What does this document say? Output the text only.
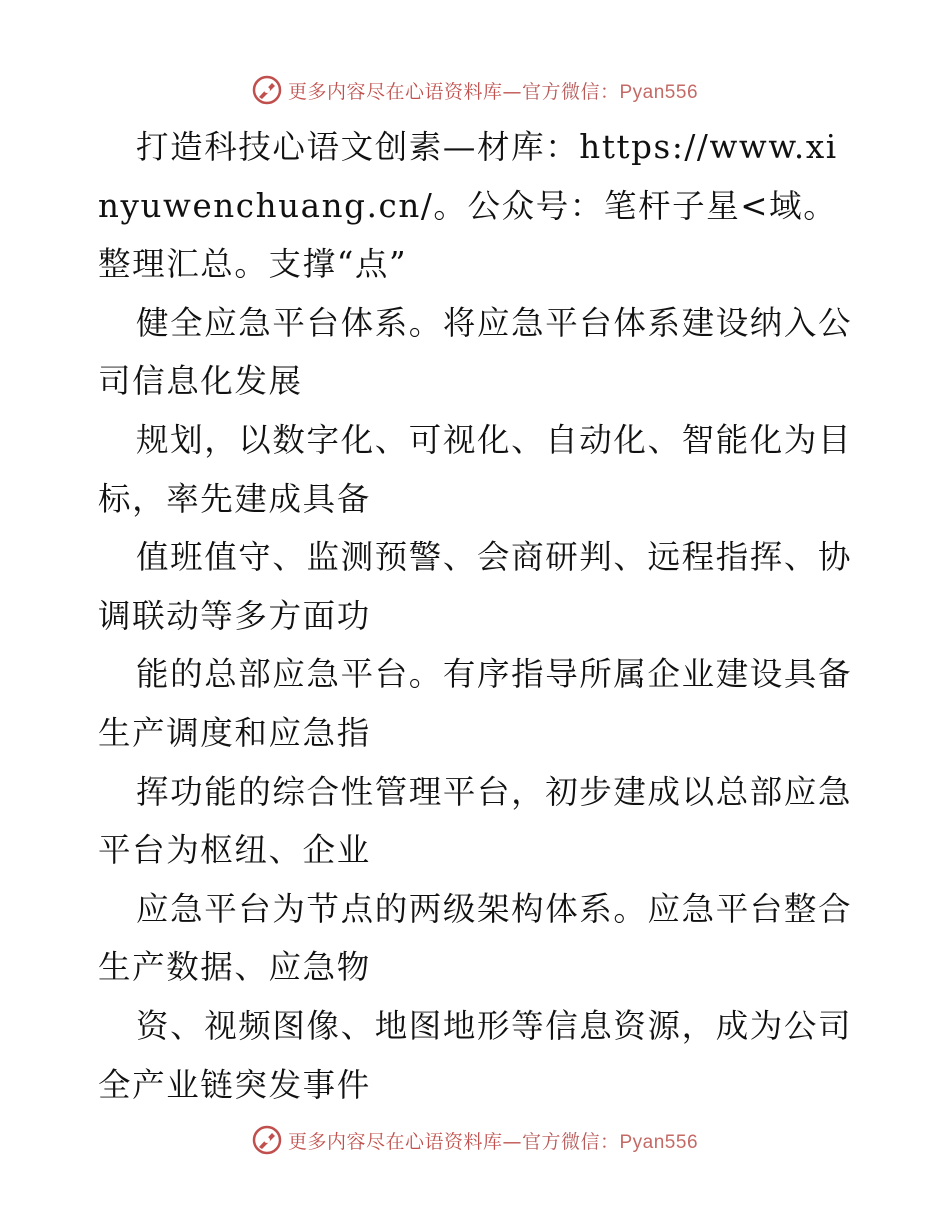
更多内容尽在心语资料库—官方微信：Pyan556

打造科技心语文创素—材库：https://www.xinyuwenchuang.cn/。公众号：笔杆子星<域。整理汇总。支撑“点”

健全应急平台体系。将应急平台体系建设纳入公司信息化发展

规划，以数字化、可视化、自动化、智能化为目标，率先建成具备

值班值守、监测预警、会商研判、远程指挥、协调联动等多方面功

能的总部应急平台。有序指导所属企业建设具备生产调度和应急指

挥功能的综合性管理平台，初步建成以总部应急平台为枢纽、企业

应急平台为节点的两级架构体系。应急平台整合生产数据、应急物

资、视频图像、地图地形等信息资源，成为公司全产业链突发事件

更多内容尽在心语资料库—官方微信：Pyan556
